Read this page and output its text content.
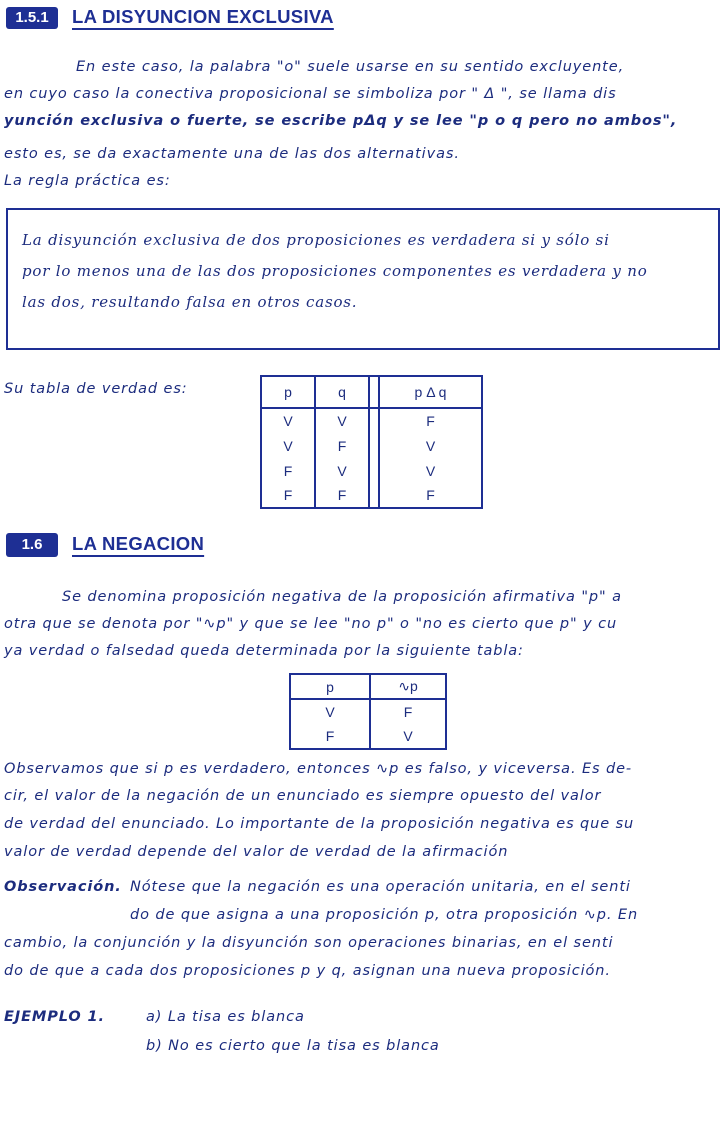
1.5.1	LA DISYUNCION EXCLUSIVA
En este caso, la palabra "o" suele usarse en su sentido excluyente,
en cuyo caso la conectiva proposicional se simboliza por " Δ ", se llama dis
yunción exclusiva o fuerte, se escribe pΔq y se lee "p o q pero no ambos",
esto es, se da exactamente una de las dos alternativas.
La regla práctica es:
La disyunción exclusiva de dos proposiciones es verdadera si y sólo si
por lo menos una de las dos proposiciones componentes es verdadera y no
las dos, resultando falsa en otros casos.
Su tabla de verdad es:	p	q		p Δ q
V	V		F
V	F		V
F	V		V
F	F		F
1.6	LA NEGACION
Se denomina proposición negativa de la proposición afirmativa "p" a
otra que se denota por "∿p" y que se lee "no p" o "no es cierto que p" y cu
ya verdad o falsedad queda determinada por la siguiente tabla:
p	∿p
V	F
F	V
Observamos que si p es verdadero, entonces ∿p es falso, y viceversa. Es de-
cir, el valor de la negación de un enunciado es siempre opuesto del valor
de verdad del enunciado. Lo importante de la proposición negativa es que su
valor de verdad depende del valor de verdad de la afirmación
Observación. Nótese que la negación es una operación unitaria, en el senti
do de que asigna a una proposición p, otra proposición ∿p. En
cambio, la conjunción y la disyunción son operaciones binarias, en el senti
do de que a cada dos proposiciones p y q, asignan una nueva proposición.
EJEMPLO 1.	a) La tisa es blanca
b) No es cierto que la tisa es blanca
